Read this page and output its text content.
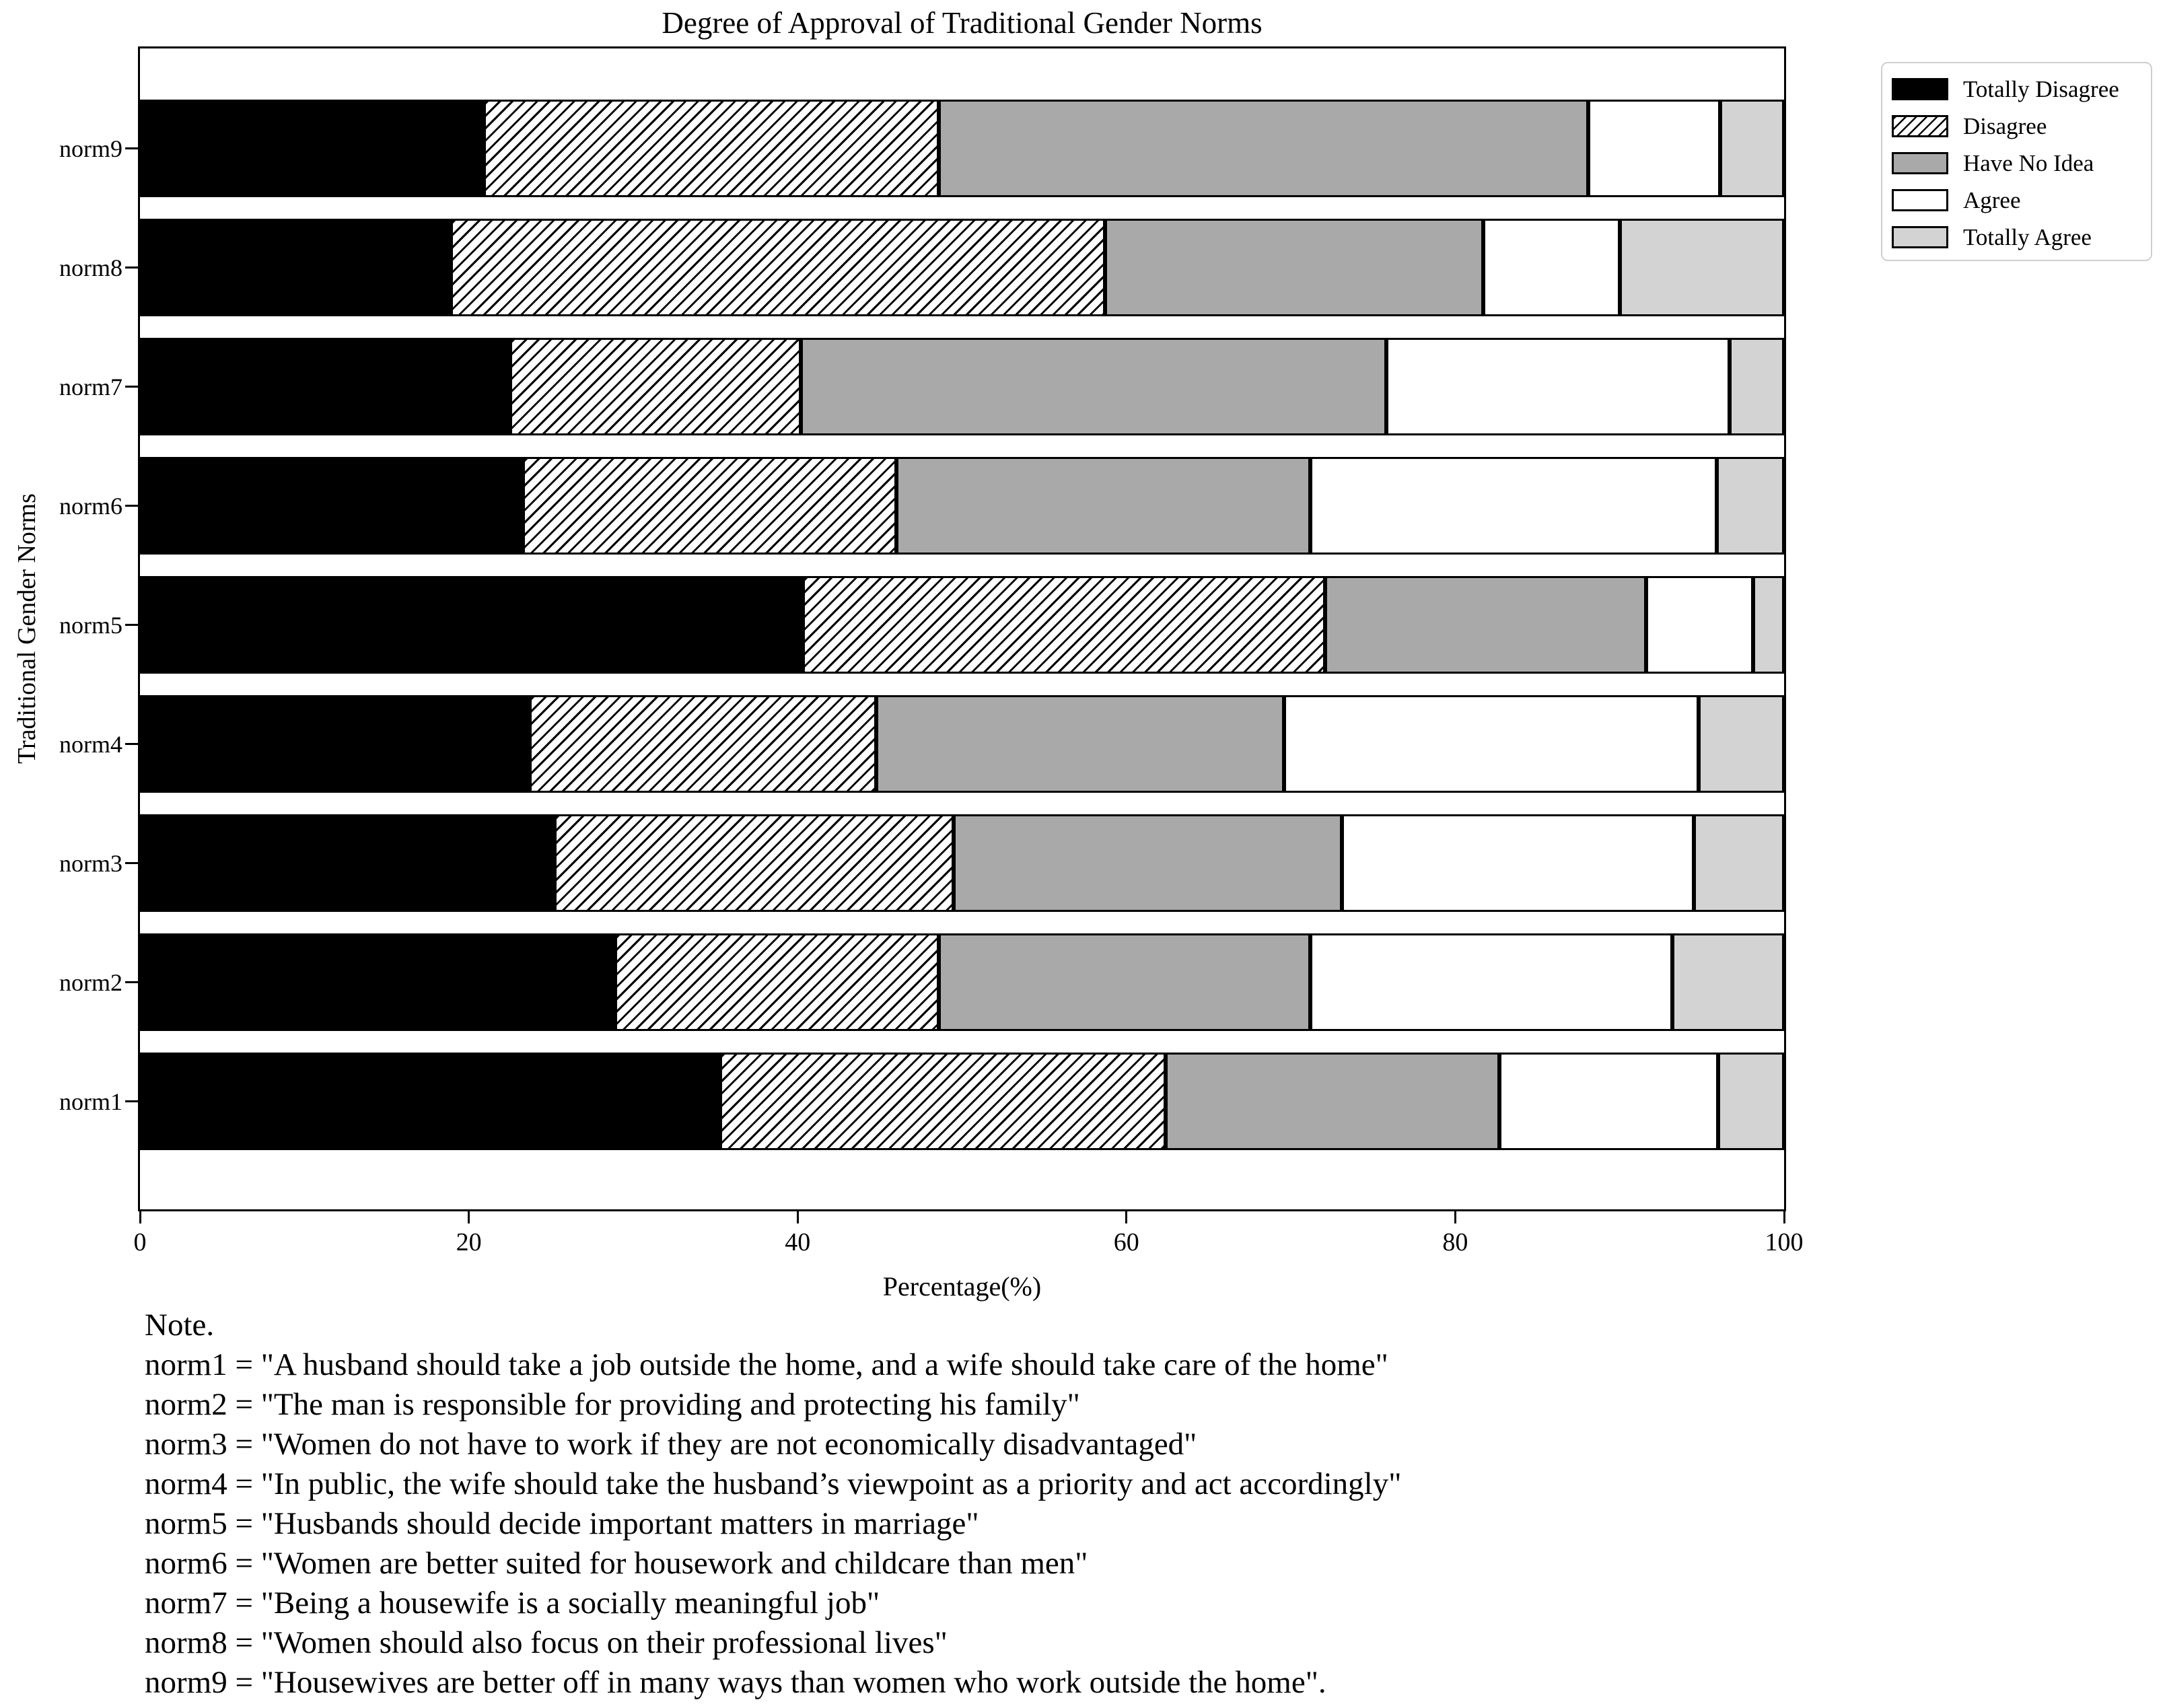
Degree of Approval of Traditional Gender Norms
0	20	40	60	80	100
norm9
norm8
norm7
norm6
norm5
norm4
norm3
norm2
norm1
Percentage(%)
Traditional Gender Norms
Totally Disagree
Disagree
Have No Idea
Agree
Totally Agree
Note.
norm1 = "A husband should take a job outside the home, and a wife should take care of the home"
norm2 = "The man is responsible for providing and protecting his family"
norm3 = "Women do not have to work if they are not economically disadvantaged"
norm4 = "In public, the wife should take the husband’s viewpoint as a priority and act accordingly"
norm5 = "Husbands should decide important matters in marriage"
norm6 = "Women are better suited for housework and childcare than men"
norm7 = "Being a housewife is a socially meaningful job"
norm8 = "Women should also focus on their professional lives"
norm9 = "Housewives are better off in many ways than women who work outside the home".
